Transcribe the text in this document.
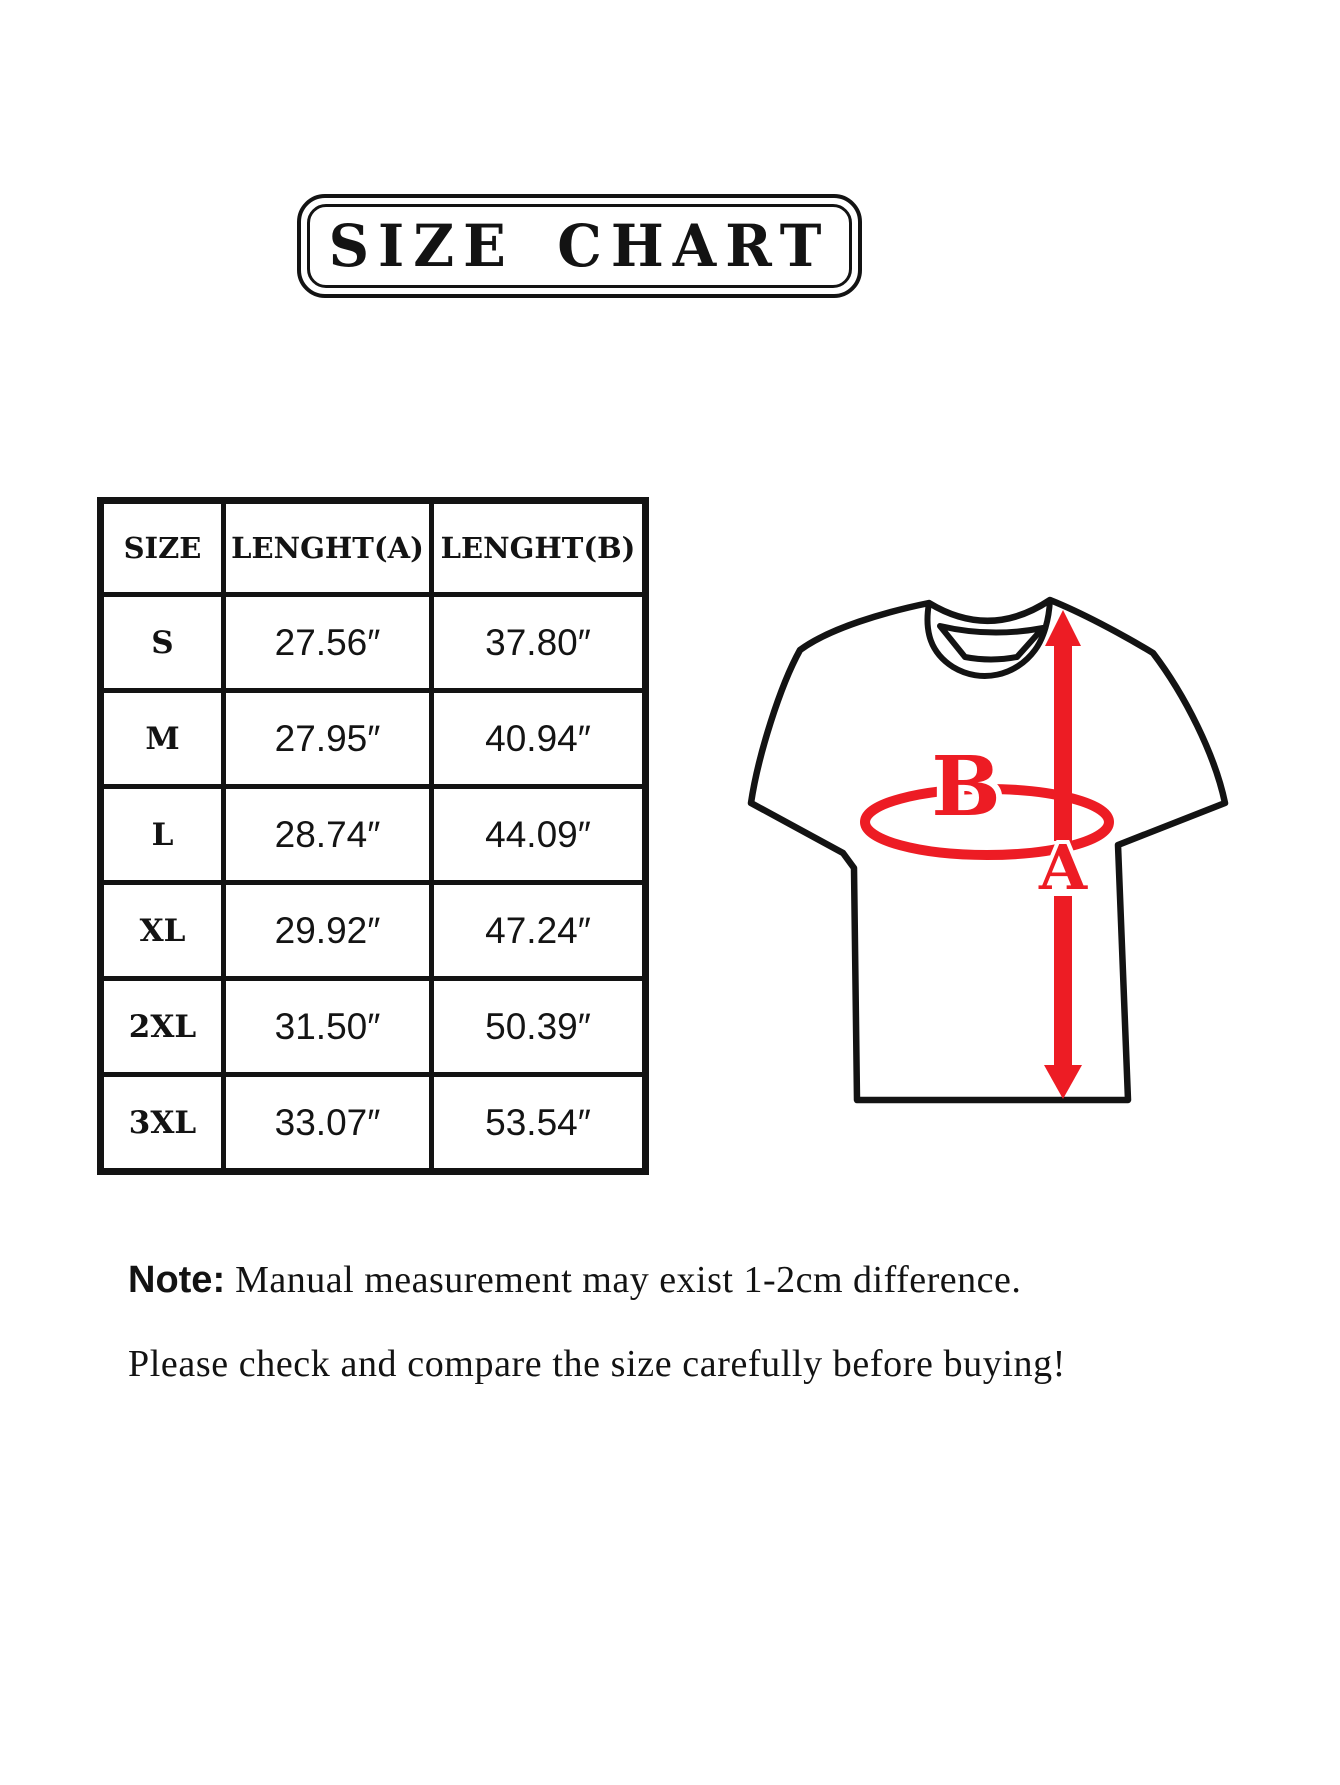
SIZE CHART
SIZE	LENGHT(A)	LENGHT(B)
S	27.56″	37.80″
M	27.95″	40.94″
L	28.74″	44.09″
XL	29.92″	47.24″
2XL	31.50″	50.39″
3XL	33.07″	53.54″
B
A
Note: Manual measurement may exist 1-2cm difference.
Please check and compare the size carefully before buying!
